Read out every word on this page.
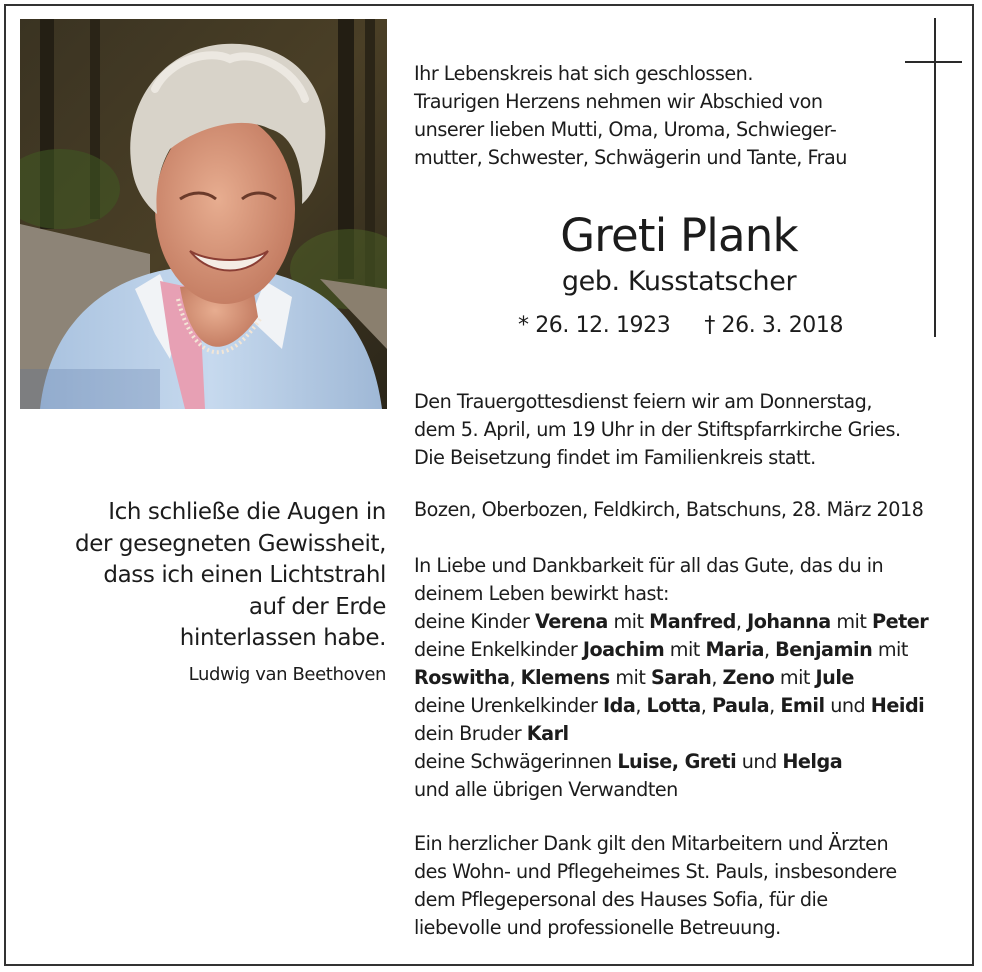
Ihr Lebenskreis hat sich geschlossen.
Traurigen Herzens nehmen wir Abschied von
unserer lieben Mutti, Oma, Uroma, Schwieger-
mutter, Schwester, Schwägerin und Tante, Frau
Greti Plank
geb. Kusstatscher
* 26. 12. 1923 † 26. 3. 2018
Den Trauergottesdienst feiern wir am Donnerstag,
dem 5. April, um 19 Uhr in der Stiftspfarrkirche Gries.
Die Beisetzung findet im Familienkreis statt.
Bozen, Oberbozen, Feldkirch, Batschuns, 28. März 2018
In Liebe und Dankbarkeit für all das Gute, das du in
deinem Leben bewirkt hast:
deine Kinder Verena mit Manfred, Johanna mit Peter
deine Enkelkinder Joachim mit Maria, Benjamin mit
Roswitha, Klemens mit Sarah, Zeno mit Jule
deine Urenkelkinder Ida, Lotta, Paula, Emil und Heidi
dein Bruder Karl
deine Schwägerinnen Luise, Greti und Helga
und alle übrigen Verwandten
Ein herzlicher Dank gilt den Mitarbeitern und Ärzten
des Wohn- und Pflegeheimes St. Pauls, insbesondere
dem Pflegepersonal des Hauses Sofia, für die
liebevolle und professionelle Betreuung.
Ich schließe die Augen in
der gesegneten Gewissheit,
dass ich einen Lichtstrahl
auf der Erde
hinterlassen habe.
Ludwig van Beethoven
